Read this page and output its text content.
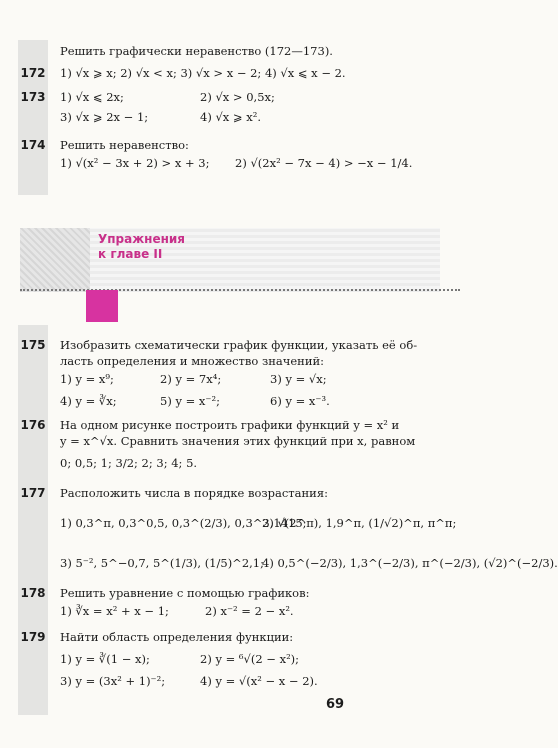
Решить графически неравенство (172—173).
172 1) √x ⩾ x; 2) √x < x; 3) √x > x − 2; 4) √x ⩽ x − 2.
173 1) √x ⩽ 2x;	2) √x > 0,5x;
3) √x ⩾ 2x − 1;	4) √x ⩾ x².
174 Решить неравенство:
1) √(x² − 3x + 2) > x + 3; 2) √(2x² − 7x − 4) > −x − 1/4.
Упражнения
к главе II
175 Изобразить схематически график функции, указать её об-
ласть определения и множество значений:
1) y = x⁹;	2) y = 7x⁴;	3) y = √x;
4) y = ∛x;	5) y = x⁻²;	6) y = x⁻³.
176 На одном рисунке построить графики функций y = x² и
y = x^√x. Сравнить значения этих функций при x, равном
0; 0,5; 1; 3/2; 2; 3; 4; 5.
177 Расположить числа в порядке возрастания:
1) 0,3^π, 0,3^0,5, 0,3^(2/3), 0,3^3,1415;
2) √(2^π), 1,9^π, (1/√2)^π, π^π;
3) 5⁻², 5^−0,7, 5^(1/3), (1/5)^2,1;
4) 0,5^(−2/3), 1,3^(−2/3), π^(−2/3), (√2)^(−2/3).
178 Решить уравнение с помощью графиков:
1) ∛x = x² + x − 1;	2) x⁻² = 2 − x².
179 Найти область определения функции:
1) y = ∛(1 − x);	2) y = ⁶√(2 − x²);
3) y = (3x² + 1)⁻²;	4) y = √(x² − x − 2).
69
